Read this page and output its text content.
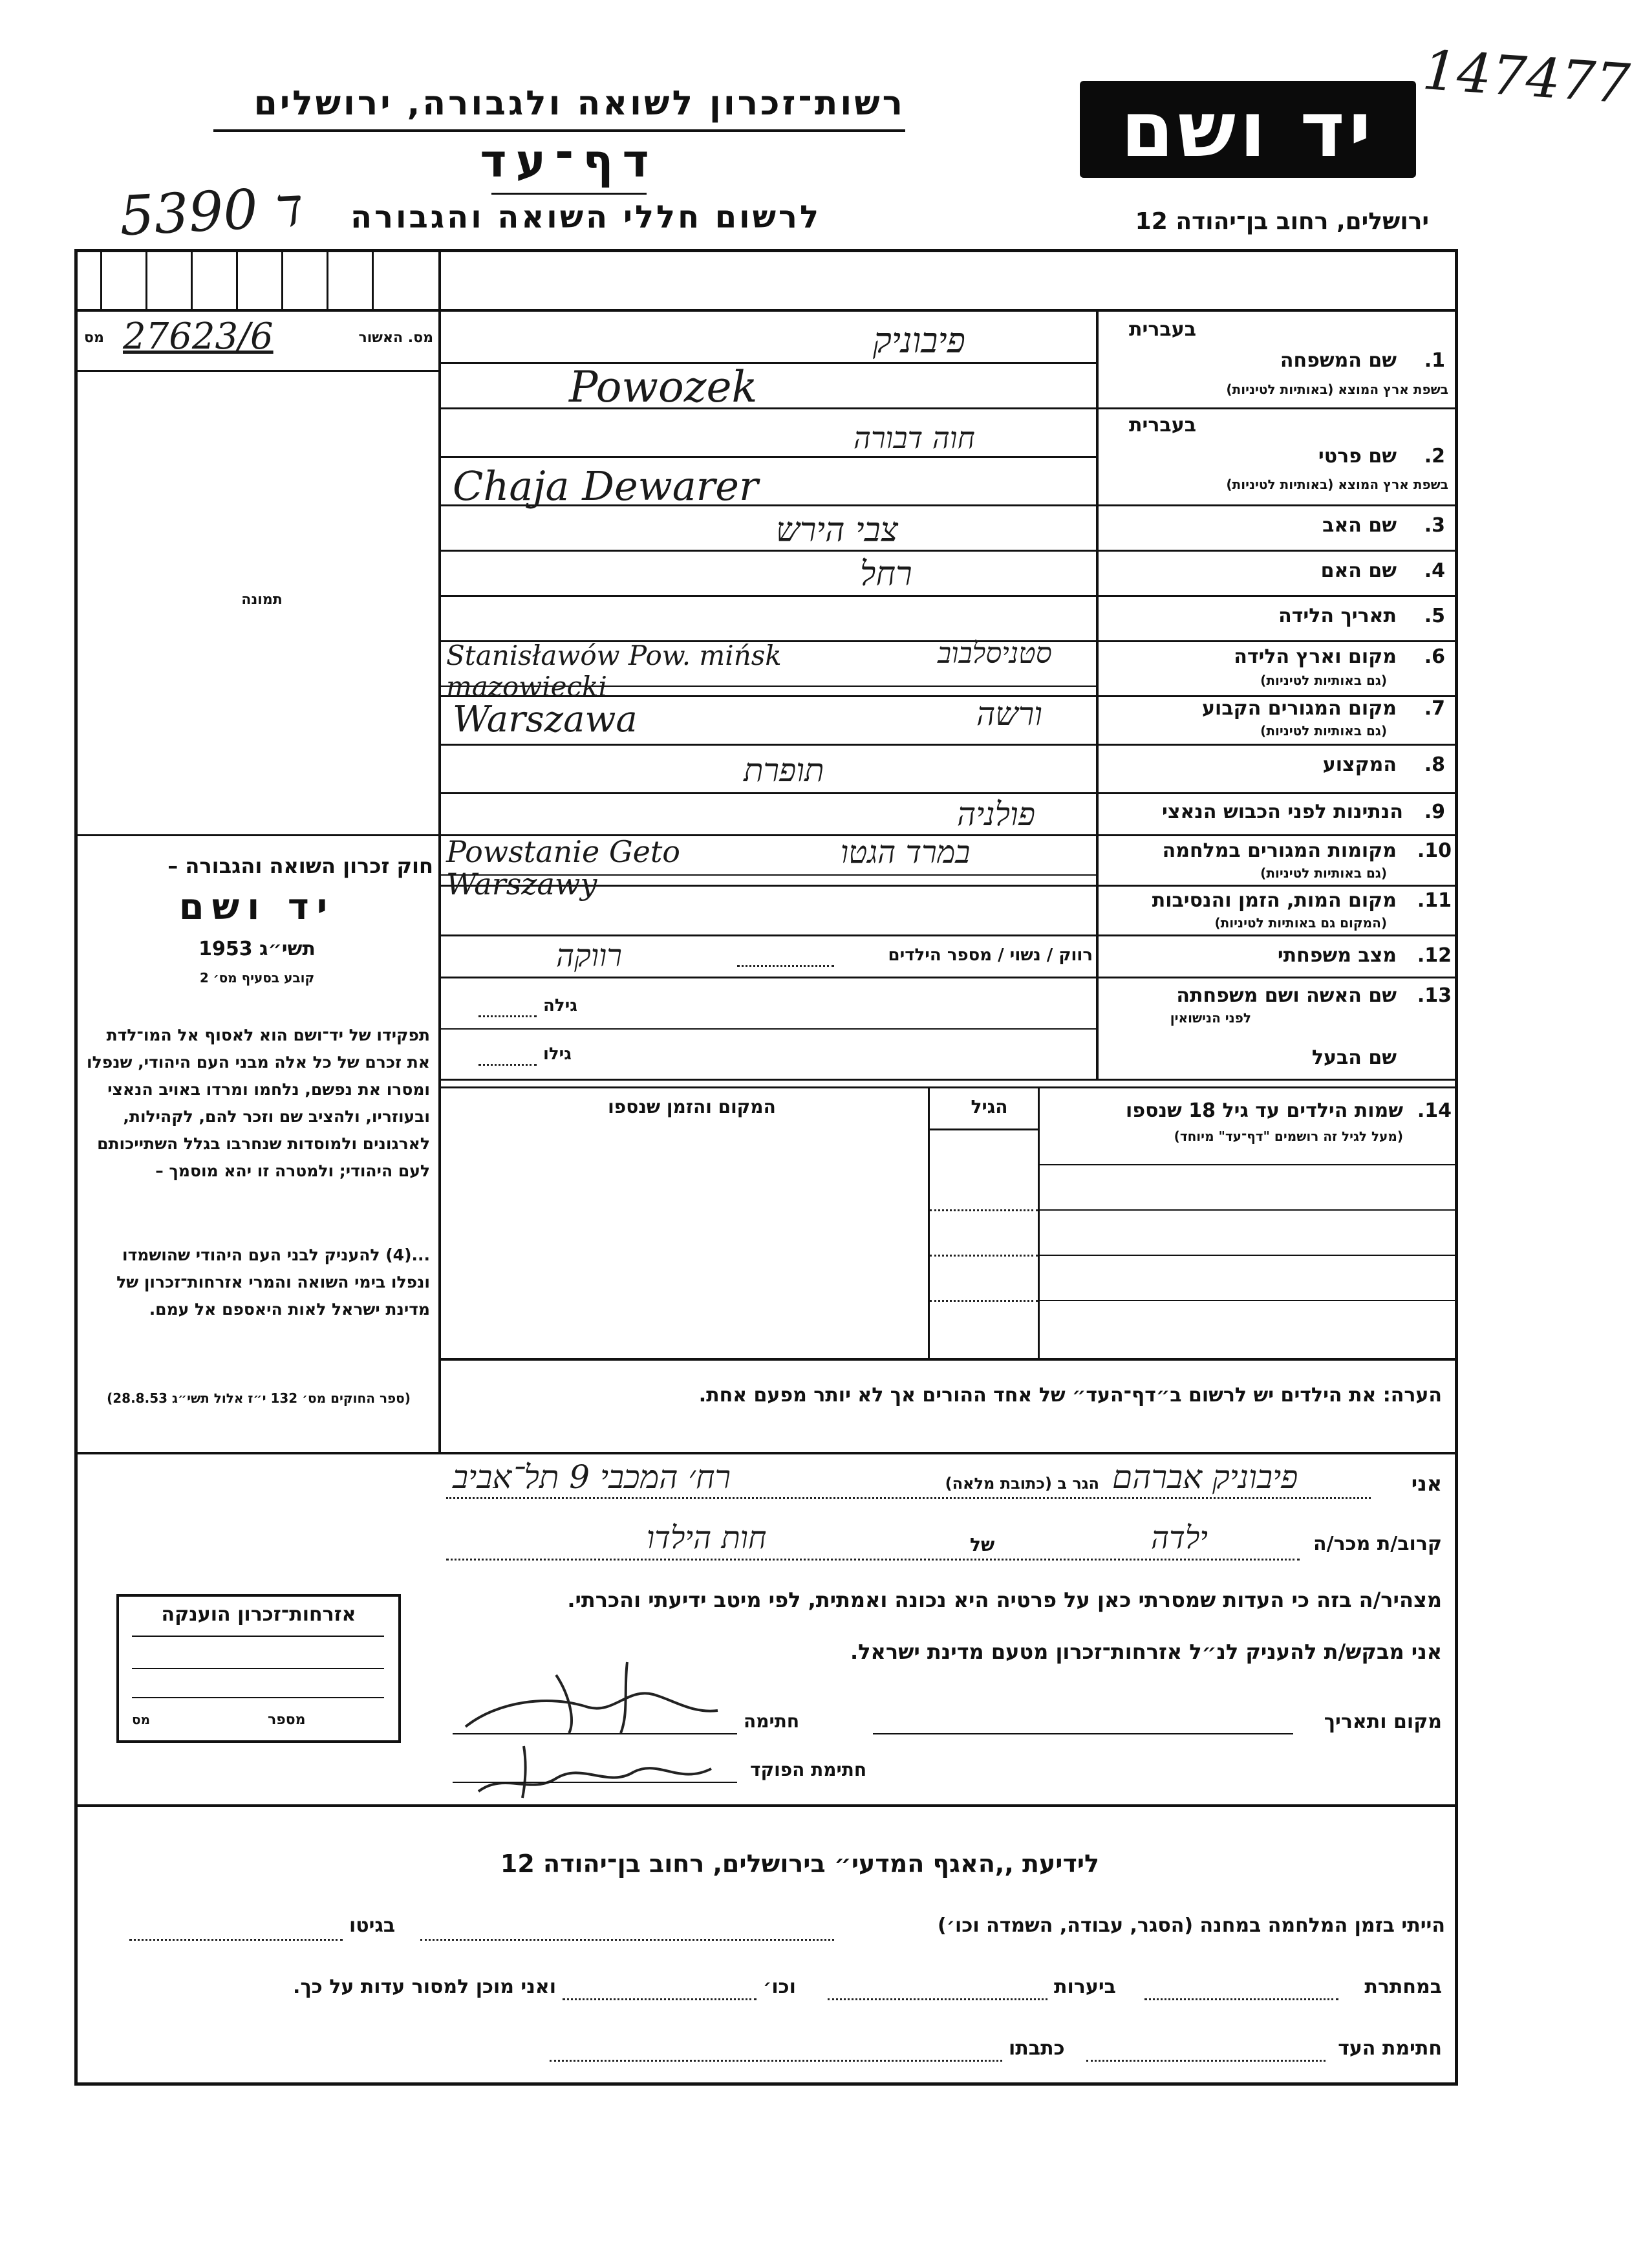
147477
רשות־זכרון לשואה ולגבורה, ירושלים	יד ושם
דף־עד
5390 ד	לרשום חללי השואה והגבורה	ירושלים, רחוב בן־יהודה 12
מס 27623/6	מס. האשור
תמונה
חוק זכרון השואה והגבורה –
יד ושם
תשי״ג 1953
קובע בסעיף מס׳ 2
תפקידו של יד־ושם הוא לאסוף אל המו־לדת את זכרם של כל אלה מבני העם היהודי, שנפלו ומסרו את נפשם, נלחמו ומרדו באויב הנאצי ובעוזריו, ולהציב שם וזכר להם, לקהילות, לארגונים ולמוסדות שנחרבו בגלל השתייכותם לעם היהודי; ולמטרה זו יהא מוסמך –
...(4) להעניק לבני העם היהודי שהושמדו ונפלו בימי השואה והמרי אזרחות־זכרון של מדינת ישראל לאות היאספם אל עמם.
(ספר החוקים מס׳ 132 י״ז אלול תשי״ג 28.8.53)
בעברית
שם המשפחה	1.
בשפת ארץ המוצא (באותיות לטיניות)
פיבוניק
Powozek
בעברית
שם פרטי	2.
בשפת ארץ המוצא (באותיות לטיניות)
חוה דבורה
Chaja Dewarer
שם האב	3.
צבי הירש
שם האם	4.
רחל
תאריך הלידה	5.
מקום וארץ הלידה	6.
(גם באותיות לטיניות)
סטניסלבוב
Stanisławów Pow. mińsk mazowiecki
מקום המגורים הקבוע	7.
(גם באותיות לטיניות)
Warszawa	ורשה
המקצוע	8.
תופרת
הנתינות לפני הכבוש הנאצי	9.
פולניה
מקומות המגורים במלחמה	10.
(גם באותיות לטיניות)
Powstanie Geto Warszawy
במרד הגטו
מקום המות, הזמן והנסיבות	11.
(המקום גם באותיות לטיניות)
מצב משפחתי	12.
רווק / נשוי / מספר הילדים
רווקה
שם האשה ושם משפחתה	13.
לפני הנישואין
גילה
שם הבעל
גילו
שמות הילדים עד גיל 18 שנספו 14.
(מעל לגיל זה רושמים "דף־עד" מיוחד)
הגיל
המקום והזמן שנספו
הערה: את הילדים יש לרשום ב״דף־העד״ של אחד ההורים אך לא יותר מפעם אחת.
אני
פיבוניק אברהם
הגר ב (כתובת מלאה)
רח׳ המכבי 9 תל־אביב
קרוב/ת מכר/ה
ילדה
של
חות הילדו
מצהיר/ה בזה כי העדות שמסרתי כאן על פרטיה היא נכונה ואמתית, לפי מיטב ידיעתי והכרתי.
אני מבקש/ת להעניק לנ״ל אזרחות־זכרון מטעם מדינת ישראל.
אזרחות־זכרון הוענקה
מס	מספר	מקום ותאריך
חתימה
חתימת הפוקד
לידיעת ,,האגף המדעי״ בירושלים, רחוב בן־יהודה 12
הייתי בזמן המלחמה במחנה (הסגר, עבודה, השמדה וכו׳)
בגיטו
במחתרת
ביערות
וכו׳
ואני מוכן למסור עדות על כך.
חתימת העד
כתבתו
